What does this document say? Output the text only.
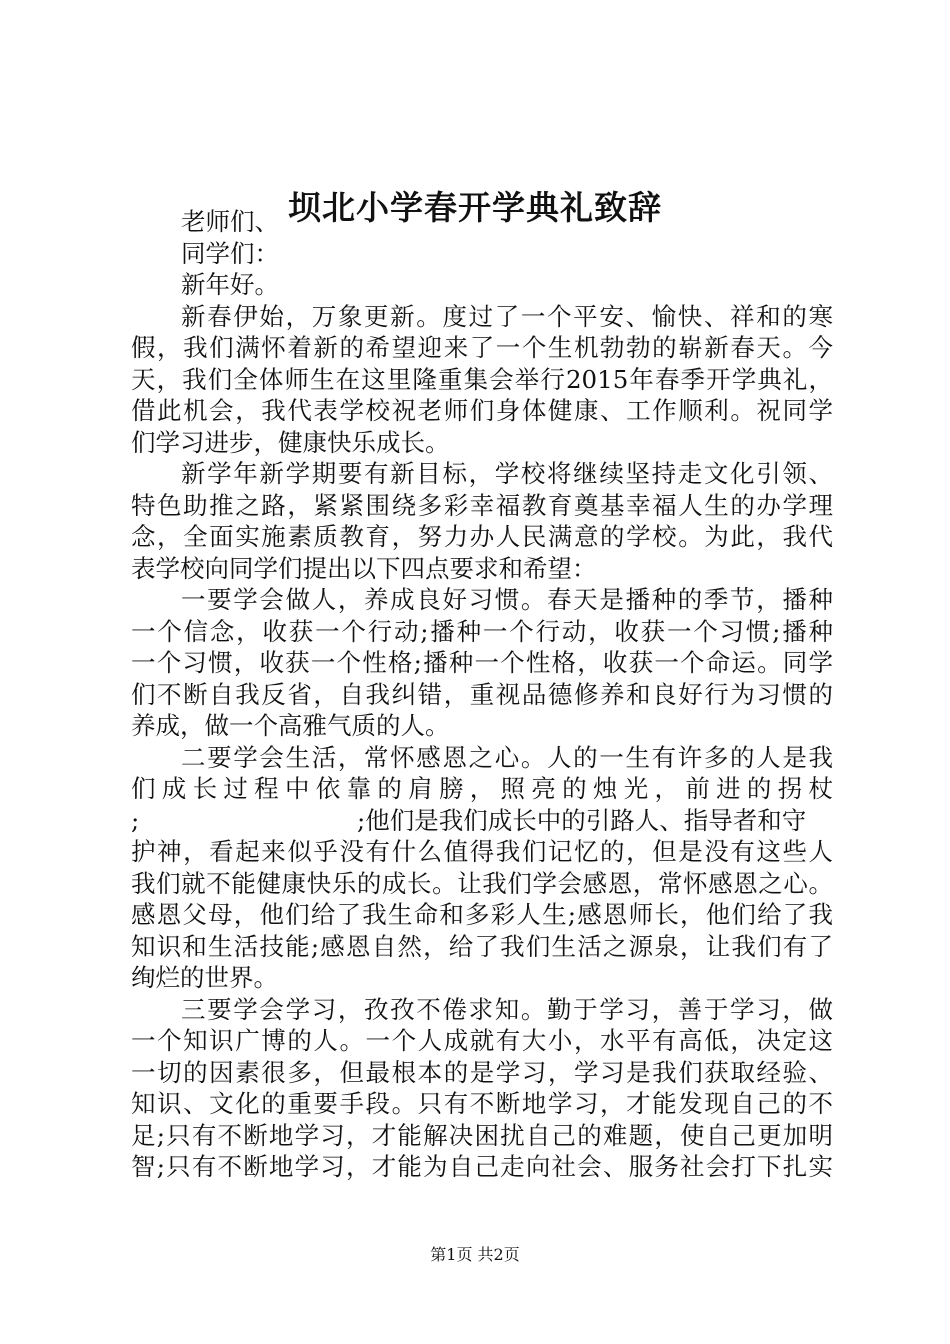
坝北小学春开学典礼致辞
老师们、
同学们：
新年好。
新春伊始，万象更新。度过了一个平安、愉快、祥和的寒
假，我们满怀着新的希望迎来了一个生机勃勃的崭新春天。今
天，我们全体师生在这里隆重集会举行2015年春季开学典礼，
借此机会，我代表学校祝老师们身体健康、工作顺利。祝同学
们学习进步，健康快乐成长。
新学年新学期要有新目标，学校将继续坚持走文化引领、
特色助推之路，紧紧围绕多彩幸福教育奠基幸福人生的办学理
念，全面实施素质教育，努力办人民满意的学校。为此，我代
表学校向同学们提出以下四点要求和希望：
一要学会做人，养成良好习惯。春天是播种的季节，播种
一个信念，收获一个行动;播种一个行动，收获一个习惯;播种
一个习惯，收获一个性格;播种一个性格，收获一个命运。同学
们不断自我反省，自我纠错，重视品德修养和良好行为习惯的
养成，做一个高雅气质的人。
二要学会生活，常怀感恩之心。人的一生有许多的人是我
们成长过程中依靠的肩膀，照亮的烛光，前进的拐杖
;	;他们是我们成长中的引路人、指导者和守
护神，看起来似乎没有什么值得我们记忆的，但是没有这些人
我们就不能健康快乐的成长。让我们学会感恩，常怀感恩之心。
感恩父母，他们给了我生命和多彩人生;感恩师长，他们给了我
知识和生活技能;感恩自然，给了我们生活之源泉，让我们有了
绚烂的世界。
三要学会学习，孜孜不倦求知。勤于学习，善于学习，做
一个知识广博的人。一个人成就有大小，水平有高低，决定这
一切的因素很多，但最根本的是学习，学习是我们获取经验、
知识、文化的重要手段。只有不断地学习，才能发现自己的不
足;只有不断地学习，才能解决困扰自己的难题，使自己更加明
智;只有不断地学习，才能为自己走向社会、服务社会打下扎实
第1页 共2页
